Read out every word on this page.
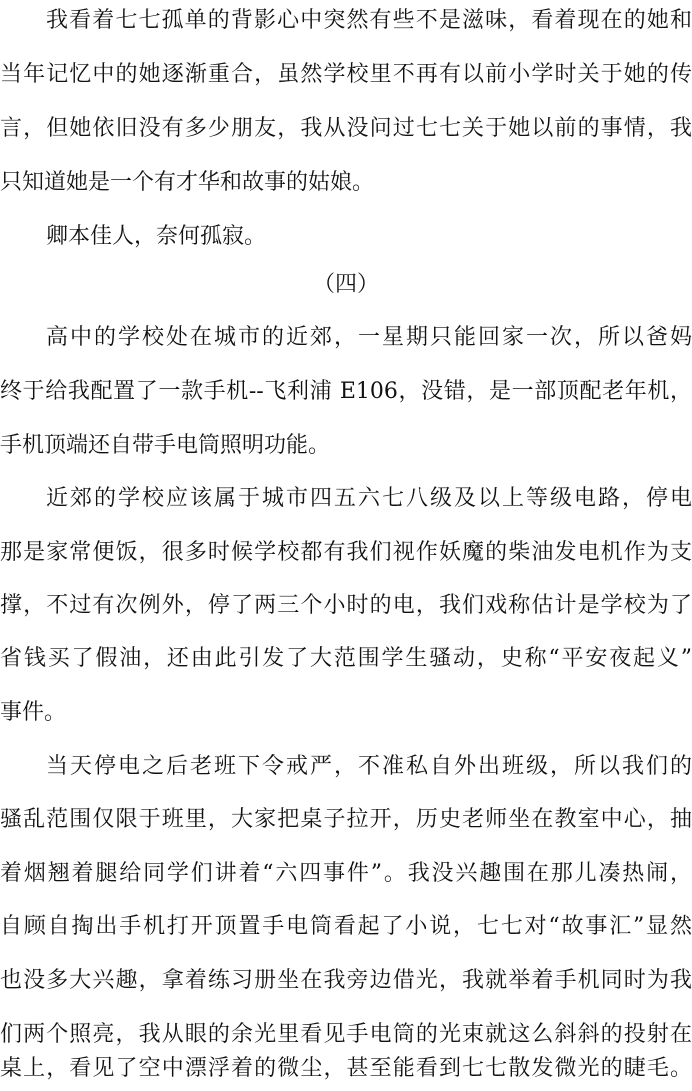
我看着七七孤单的背影心中突然有些不是滋味，看着现在的她和
当年记忆中的她逐渐重合，虽然学校里不再有以前小学时关于她的传
言，但她依旧没有多少朋友，我从没问过七七关于她以前的事情，我
只知道她是一个有才华和故事的姑娘。
卿本佳人，奈何孤寂。
（四）
高中的学校处在城市的近郊，一星期只能回家一次，所以爸妈
终于给我配置了一款手机--飞利浦 E106，没错，是一部顶配老年机，
手机顶端还自带手电筒照明功能。
近郊的学校应该属于城市四五六七八级及以上等级电路，停电
那是家常便饭，很多时候学校都有我们视作妖魔的柴油发电机作为支
撑，不过有次例外，停了两三个小时的电，我们戏称估计是学校为了
省钱买了假油，还由此引发了大范围学生骚动，史称“平安夜起义”
事件。
当天停电之后老班下令戒严，不准私自外出班级，所以我们的
骚乱范围仅限于班里，大家把桌子拉开，历史老师坐在教室中心，抽
着烟翘着腿给同学们讲着“六四事件”。我没兴趣围在那儿凑热闹，
自顾自掏出手机打开顶置手电筒看起了小说，七七对“故事汇”显然
也没多大兴趣，拿着练习册坐在我旁边借光，我就举着手机同时为我
们两个照亮，我从眼的余光里看见手电筒的光束就这么斜斜的投射在
桌上，看见了空中漂浮着的微尘，甚至能看到七七散发微光的睫毛。
